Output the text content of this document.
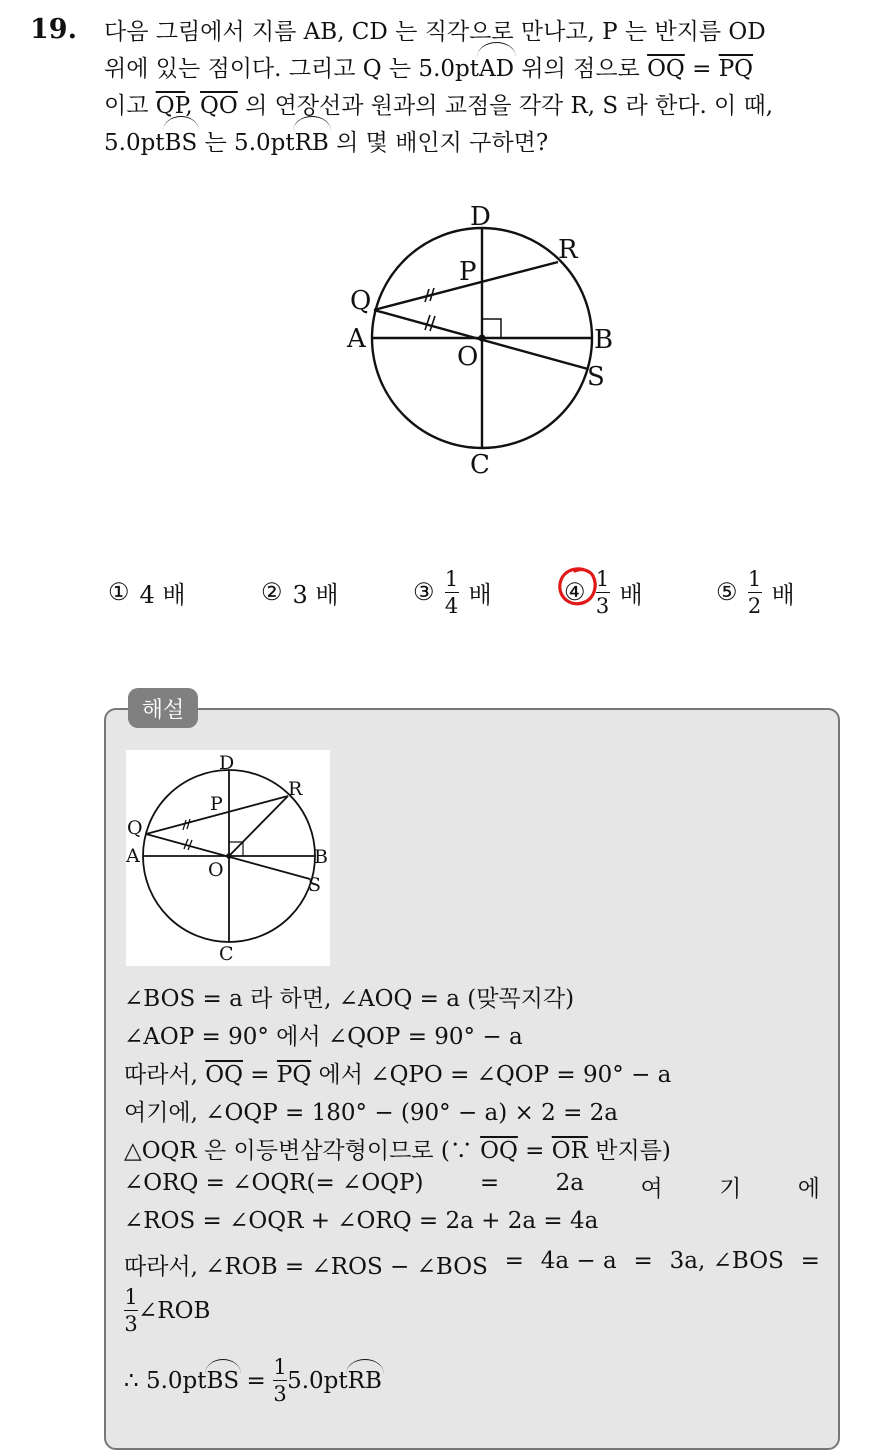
19. 다음 그림에서 지름 AB, CD 는 직각으로 만나고, P 는 반지름 OD
위에 있는 점이다. 그리고 Q 는 5.0ptAD 위의 점으로 $\overline{OQ} = \overline{PQ}$
이고 $\overline{QP}$, $\overline{QO}$ 의 연장선과 원과의 교점을 각각 R, S 라 한다. 이 때,
5.0ptBS 는 5.0ptRB 의 몇 배인지 구하면?
D
R
P
Q
A	B
O
S
C
① 4 배	② 3 배	③ $\frac{1}{4}$ 배	④ $\frac{1}{3}$ 배	⑤ $\frac{1}{2}$ 배
해설
D
R
P
Q
A	B
O
S
C
∠BOS = a 라 하면, ∠AOQ = a (맞꼭지각)
∠AOP = 90° 에서 ∠QOP = 90° − a
따라서, $\overline{OQ} = \overline{PQ}$ 에서 ∠QPO = ∠QOP = 90° − a
여기에, ∠OQP = 180° − (90° − a) × 2 = 2a
△OQR 은 이등변삼각형이므로 (∵ $\overline{OQ} = \overline{OR}$ 반지름)
∠ORQ = ∠OQR(= ∠OQP) = 2a 여 기 에
∠ROS = ∠OQR + ∠ORQ = 2a + 2a = 4a
따라서, ∠ROB = ∠ROS − ∠BOS = 4a − a = 3a, ∠BOS =
$\frac{1}{3}$ ∠ROB
∴ 5.0pt BS = $\frac{1}{3} 5.0pt$ RB
